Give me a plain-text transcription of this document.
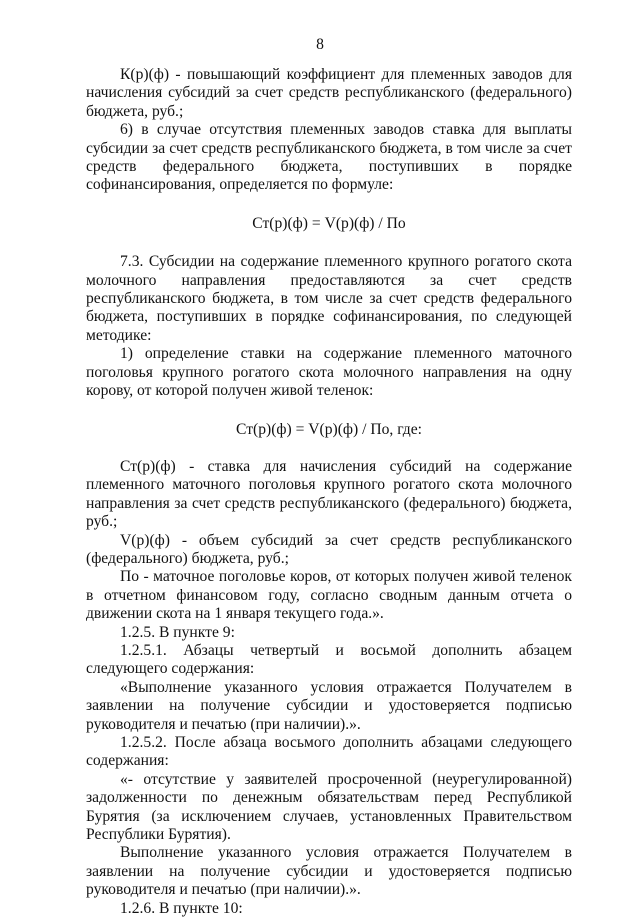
8

К(р)(ф) - повышающий коэффициент для племенных заводов для начисления субсидий за счет средств республиканского (федерального) бюджета, руб.;

6) в случае отсутствия племенных заводов ставка для выплаты субсидии за счет средств республиканского бюджета, в том числе за счет средств федерального бюджета, поступивших в порядке софинансирования, определяется по формуле:

Ст(р)(ф) = V(р)(ф) / По

7.3. Субсидии на содержание племенного крупного рогатого скота молочного направления предоставляются за счет средств республиканского бюджета, в том числе за счет средств федерального бюджета, поступивших в порядке софинансирования, по следующей методике:

1) определение ставки на содержание племенного маточного поголовья крупного рогатого скота молочного направления на одну корову, от которой получен живой теленок:

Ст(р)(ф) = V(р)(ф) / По, где:

Ст(р)(ф) - ставка для начисления субсидий на содержание племенного маточного поголовья крупного рогатого скота молочного направления за счет средств республиканского (федерального) бюджета, руб.;

V(р)(ф) - объем субсидий за счет средств республиканского (федерального) бюджета, руб.;

По - маточное поголовье коров, от которых получен живой теленок в отчетном финансовом году, согласно сводным данным отчета о движении скота на 1 января текущего года.».

1.2.5. В пункте 9:

1.2.5.1. Абзацы четвертый и восьмой дополнить абзацем следующего содержания:

«Выполнение указанного условия отражается Получателем в заявлении на получение субсидии и удостоверяется подписью руководителя и печатью (при наличии).».

1.2.5.2. После абзаца восьмого дополнить абзацами следующего содержания:

«- отсутствие у заявителей просроченной (неурегулированной) задолженности по денежным обязательствам перед Республикой Бурятия (за исключением случаев, установленных Правительством Республики Бурятия).

Выполнение указанного условия отражается Получателем в заявлении на получение субсидии и удостоверяется подписью руководителя и печатью (при наличии).».

1.2.6. В пункте 10:
